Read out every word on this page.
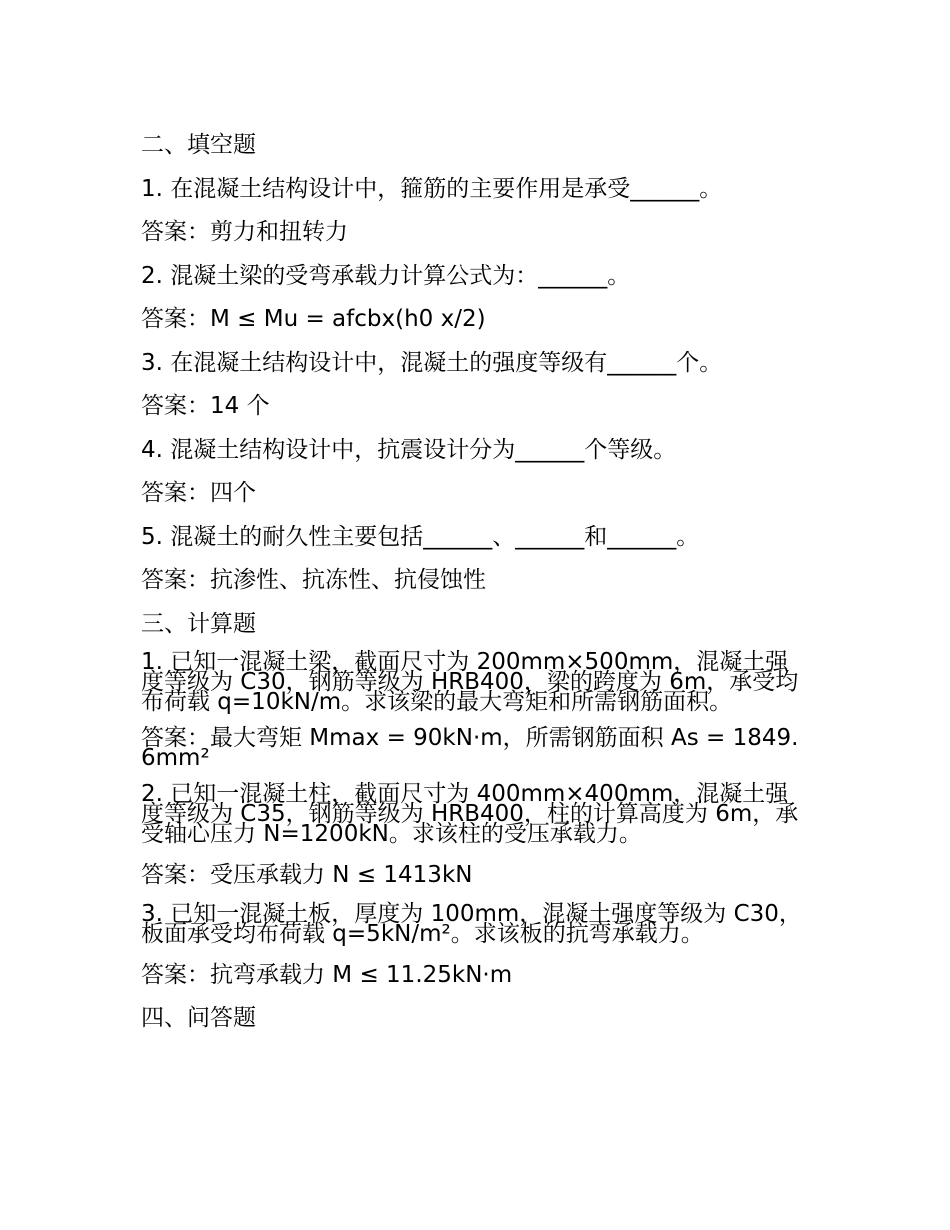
二、填空题
1. 在混凝土结构设计中，箍筋的主要作用是承受______。
答案：剪力和扭转力
2. 混凝土梁的受弯承载力计算公式为：______。
答案：M ≤ Mu = afcbx(h0 x/2)
3. 在混凝土结构设计中，混凝土的强度等级有______个。
答案：14 个
4. 混凝土结构设计中，抗震设计分为______个等级。
答案：四个
5. 混凝土的耐久性主要包括______、______和______。
答案：抗渗性、抗冻性、抗侵蚀性
三、计算题
1. 已知一混凝土梁，截面尺寸为 200mm×500mm，混凝土强度等级为 C30，钢筋等级为 HRB400，梁的跨度为 6m，承受均布荷载 q=10kN/m。求该梁的最大弯矩和所需钢筋面积。
答案：最大弯矩 Mmax = 90kN·m，所需钢筋面积 As = 1849.6mm²
2. 已知一混凝土柱，截面尺寸为 400mm×400mm，混凝土强度等级为 C35，钢筋等级为 HRB400，柱的计算高度为 6m，承受轴心压力 N=1200kN。求该柱的受压承载力。
答案：受压承载力 N ≤ 1413kN
3. 已知一混凝土板，厚度为 100mm，混凝土强度等级为 C30，板面承受均布荷载 q=5kN/m²。求该板的抗弯承载力。
答案：抗弯承载力 M ≤ 11.25kN·m
四、问答题
